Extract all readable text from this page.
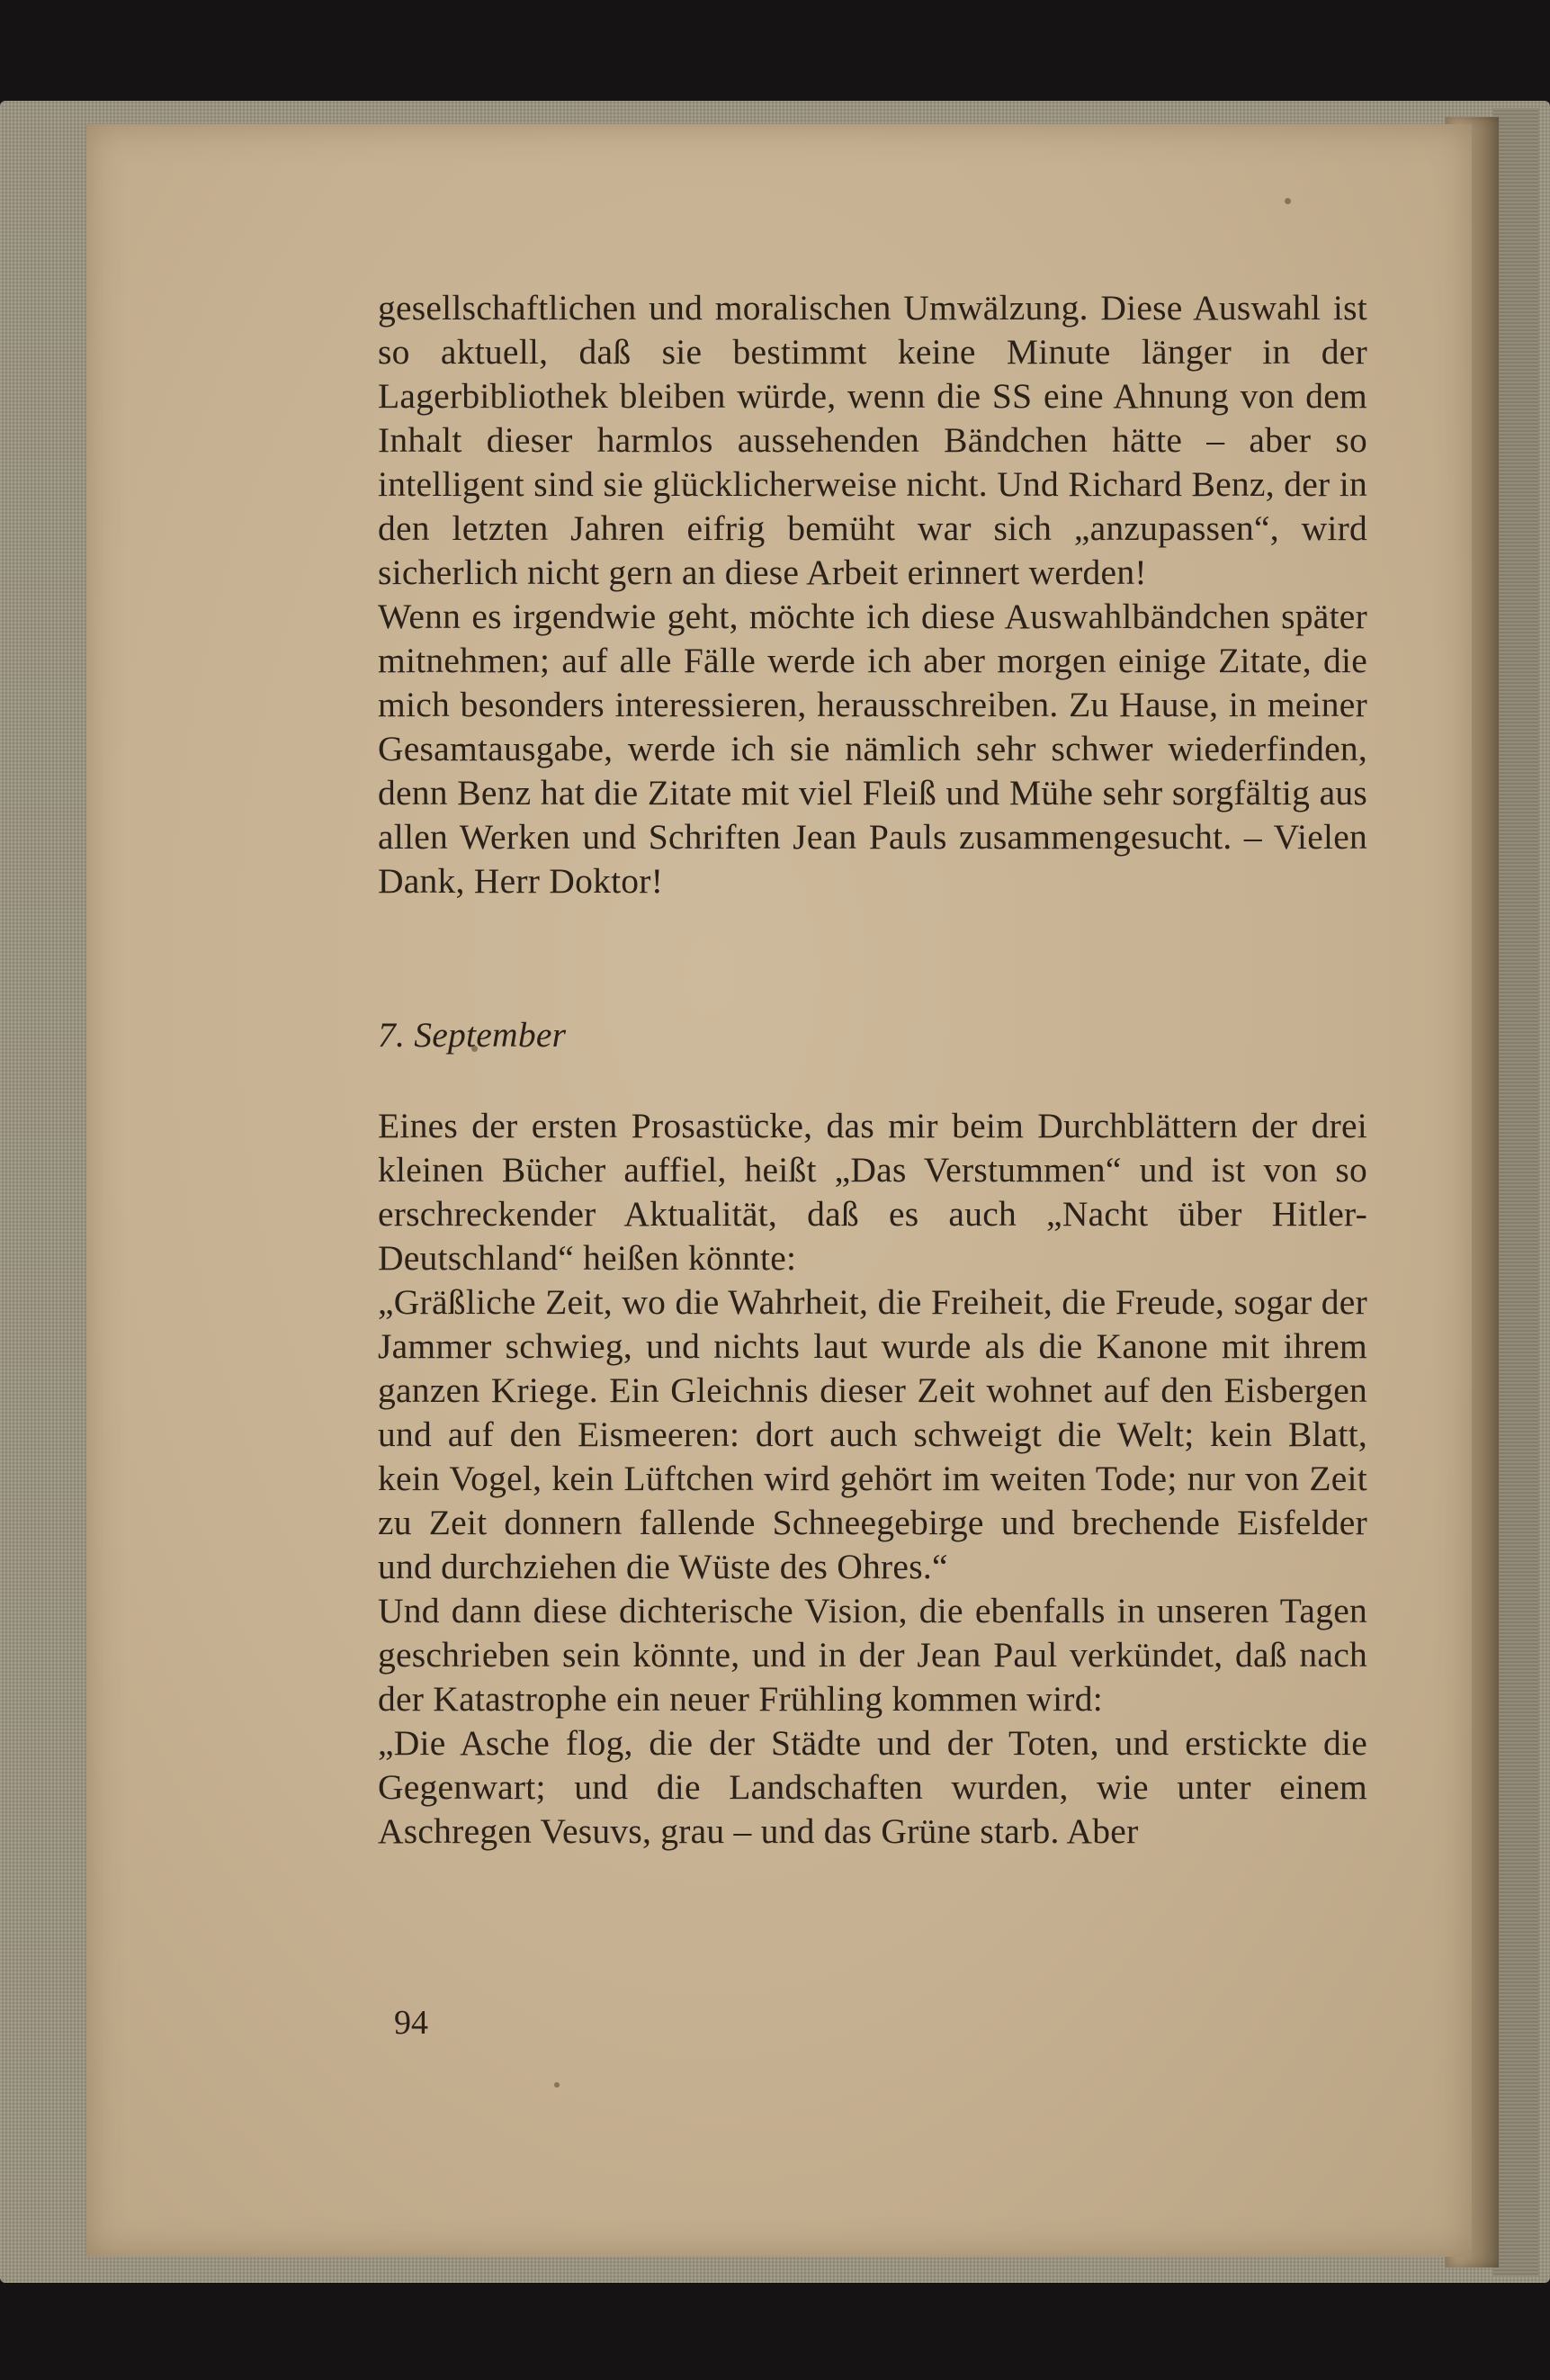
gesellschaftlichen und moralischen Umwälzung. Diese Auswahl ist so aktuell, daß sie bestimmt keine Minute länger in der Lagerbibliothek bleiben würde, wenn die SS eine Ahnung von dem Inhalt dieser harmlos aussehenden Bändchen hätte – aber so intelligent sind sie glücklicherweise nicht. Und Richard Benz, der in den letzten Jahren eifrig bemüht war sich „anzupassen“, wird sicherlich nicht gern an diese Arbeit erinnert werden!

Wenn es irgendwie geht, möchte ich diese Auswahlbändchen später mitnehmen; auf alle Fälle werde ich aber morgen einige Zitate, die mich besonders interessieren, herausschreiben. Zu Hause, in meiner Gesamtausgabe, werde ich sie nämlich sehr schwer wiederfinden, denn Benz hat die Zitate mit viel Fleiß und Mühe sehr sorgfältig aus allen Werken und Schriften Jean Pauls zusammengesucht. – Vielen Dank, Herr Doktor!

7. September

Eines der ersten Prosastücke, das mir beim Durchblättern der drei kleinen Bücher auffiel, heißt „Das Verstummen“ und ist von so erschreckender Aktualität, daß es auch „Nacht über Hitler-Deutschland“ heißen könnte:

„Gräßliche Zeit, wo die Wahrheit, die Freiheit, die Freude, sogar der Jammer schwieg, und nichts laut wurde als die Kanone mit ihrem ganzen Kriege. Ein Gleichnis dieser Zeit wohnet auf den Eisbergen und auf den Eismeeren: dort auch schweigt die Welt; kein Blatt, kein Vogel, kein Lüftchen wird gehört im weiten Tode; nur von Zeit zu Zeit donnern fallende Schneegebirge und brechende Eisfelder und durchziehen die Wüste des Ohres.“

Und dann diese dichterische Vision, die ebenfalls in unseren Tagen geschrieben sein könnte, und in der Jean Paul verkündet, daß nach der Katastrophe ein neuer Frühling kommen wird:

„Die Asche flog, die der Städte und der Toten, und erstickte die Gegenwart; und die Landschaften wurden, wie unter einem Aschregen Vesuvs, grau – und das Grüne starb. Aber

94
